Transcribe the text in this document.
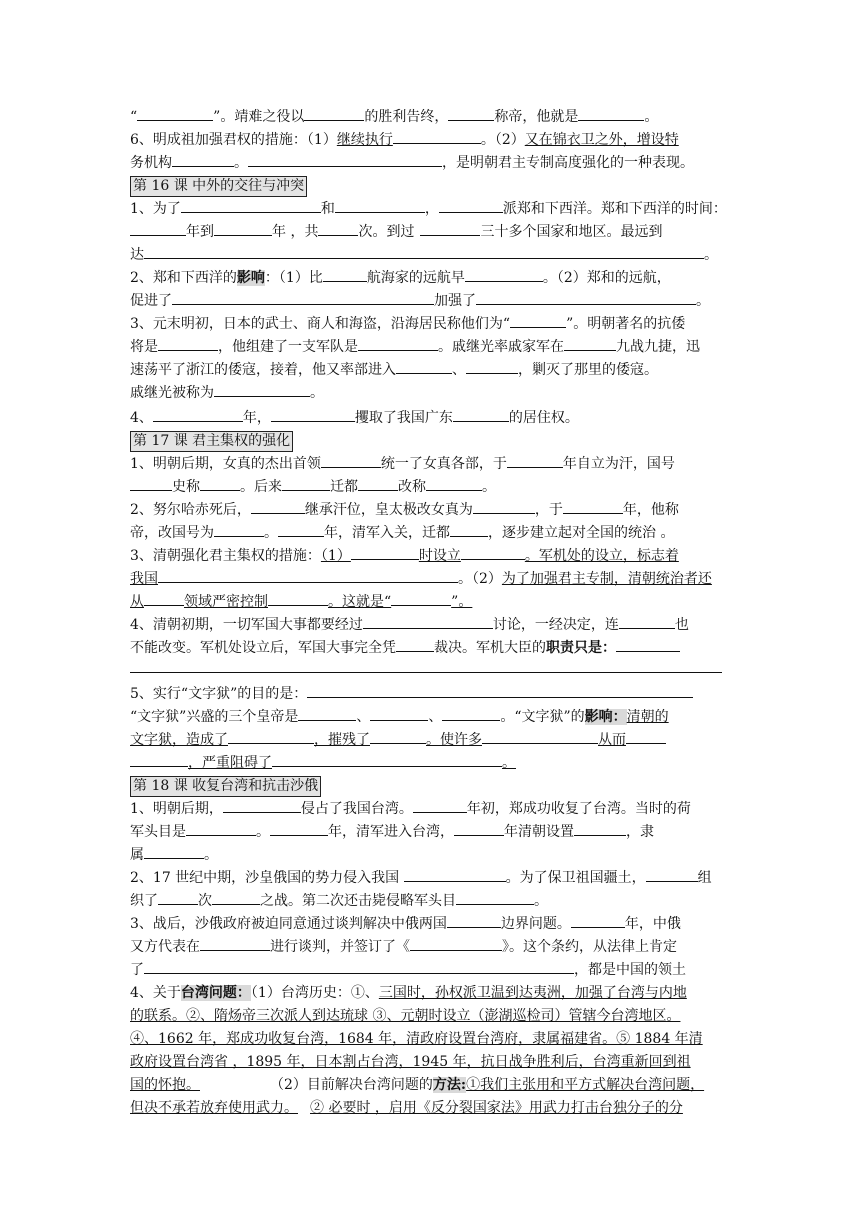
“	”。靖难之役以	的胜利告终，	称帝，他就是	。
6、明成祖加强君权的措施：（1）继续执行	。（2）又在锦衣卫之外，增设特
务机构	。	，是明朝君主专制高度强化的一种表现。
第 16 课 中外的交往与冲突
1、为了	和	，	派郑和下西洋。郑和下西洋的时间：
年到	年 ，共	次。到过	三十多个国家和地区。最远到
达	。
2、郑和下西洋的影响：（1）比	航海家的远航早	。（2）郑和的远航，
促进了	加强了	。
3、元末明初，日本的武士、商人和海盗，沿海居民称他们为“	”。明朝著名的抗倭
将是	，他组建了一支军队是	。戚继光率戚家军在	九战九捷，迅
速荡平了浙江的倭寇，接着，他又率部进入	、	，剿灭了那里的倭寇。
戚继光被称为	。
4、	年，	攫取了我国广东	的居住权。
第 17 课 君主集权的强化
1、明朝后期，女真的杰出首领	统一了女真各部，于	年自立为汗，国号
史称	。后来	迁都	改称	。
2、努尔哈赤死后，	继承汗位，皇太极改女真为	，于	年，他称
帝，改国号为	。	年，清军入关，迁都	，逐步建立起对全国的统治 。
3、清朝强化君主集权的措施：（1）	时设立	。军机处的设立，标志着
我国	。（2）为了加强君主专制，清朝统治者还
从	领域严密控制	。这就是“	”。
4、清朝初期，一切军国大事都要经过	讨论，一经决定，连	也
不能改变。军机处设立后，军国大事完全凭	裁决。军机大臣的职责只是：
5、实行“文字狱”的目的是：
“文字狱”兴盛的三个皇帝是	、	、	。“文字狱”的影响：清朝的
文字狱，造成了	，摧残了	。使许多	从而
，严重阻碍了	。
第 18 课 收复台湾和抗击沙俄
1、明朝后期，	侵占了我国台湾。	年初，郑成功收复了台湾。当时的荷
军头目是	。	年，清军进入台湾，	年清朝设置	，隶
属	。
2、17 世纪中期，沙皇俄国的势力侵入我国	。为了保卫祖国疆土，	组
织了	次	之战。第二次还击毙侵略军头目	。
3、战后，沙俄政府被迫同意通过谈判解决中俄两国	边界问题。	年，中俄
又方代表在	进行谈判，并签订了《	》。这个条约，从法律上肯定
了	，都是中国的领土
4、关于台湾问题：（1）台湾历史：①、三国时，孙权派卫温到达夷洲，加强了台湾与内地
的联系。②、隋炀帝三次派人到达琉球 ③、元朝时设立（澎湖巡检司）管辖今台湾地区。
④、1662 年，郑成功收复台湾，1684 年，清政府设置台湾府，隶属福建省。⑤ 1884 年清
政府设置台湾省 ，1895 年，日本割占台湾，1945 年，抗日战争胜利后，台湾重新回到祖
国的怀抱。	（2）目前解决台湾问题的方法:①我们主张用和平方式解决台湾问题，
但决不承若放弃使用武力。 ② 必要时 ，启用《反分裂国家法》用武力打击台独分子的分
